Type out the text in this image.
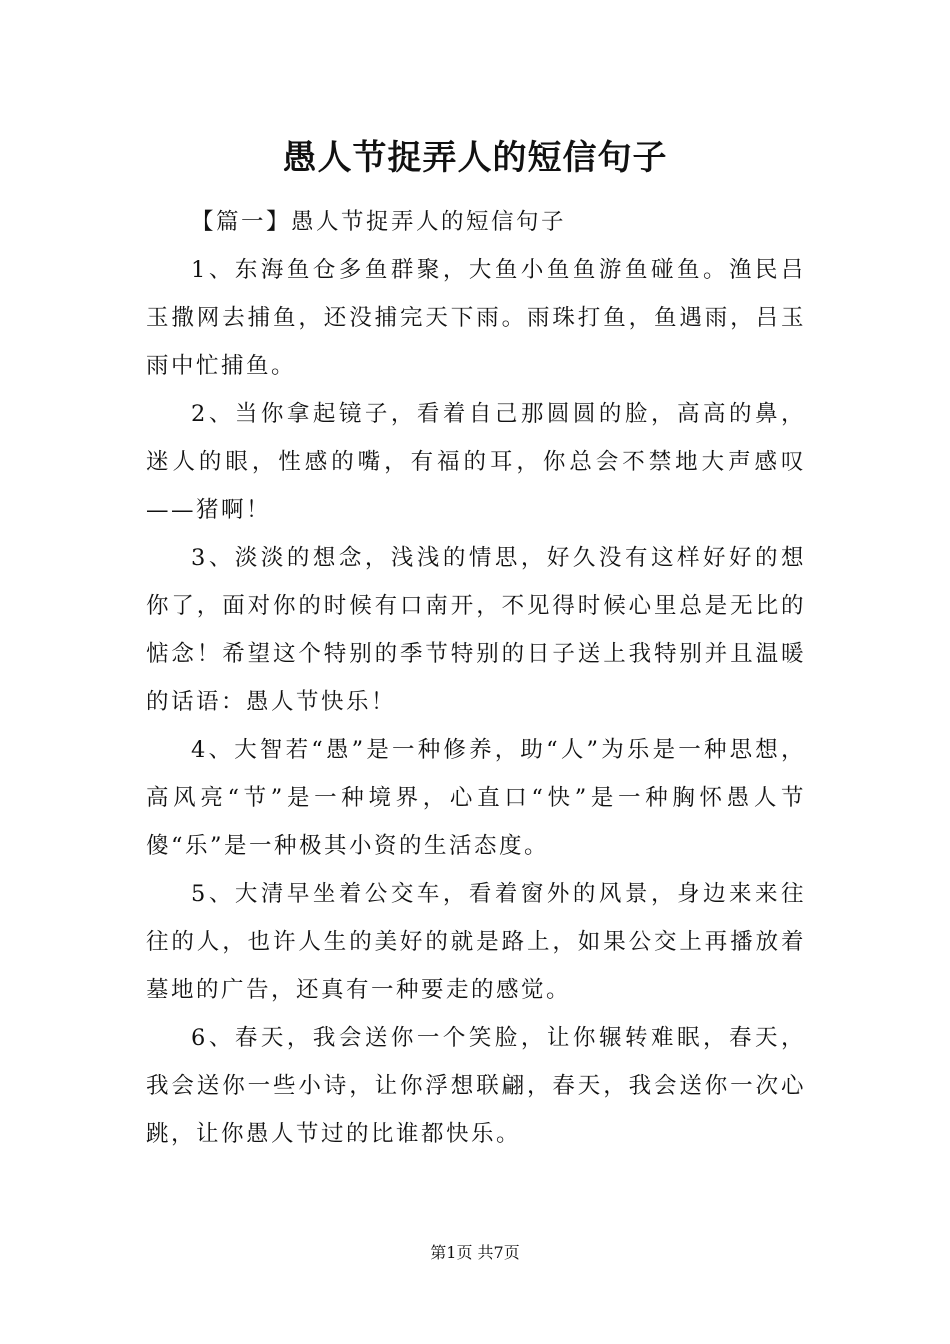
愚人节捉弄人的短信句子

【篇一】愚人节捉弄人的短信句子

1、东海鱼仓多鱼群聚，大鱼小鱼鱼游鱼碰鱼。渔民吕玉撒网去捕鱼，还没捕完天下雨。雨珠打鱼，鱼遇雨，吕玉雨中忙捕鱼。

2、当你拿起镜子，看着自己那圆圆的脸，高高的鼻，迷人的眼，性感的嘴，有福的耳，你总会不禁地大声感叹——猪啊！

3、淡淡的想念，浅浅的情思，好久没有这样好好的想你了，面对你的时候有口南开，不见得时候心里总是无比的惦念！希望这个特别的季节特别的日子送上我特别并且温暖的话语：愚人节快乐！

4、大智若“愚”是一种修养，助“人”为乐是一种思想，高风亮“节”是一种境界，心直口“快”是一种胸怀愚人节傻“乐”是一种极其小资的生活态度。

5、大清早坐着公交车，看着窗外的风景，身边来来往往的人，也许人生的美好的就是路上，如果公交上再播放着墓地的广告，还真有一种要走的感觉。

6、春天，我会送你一个笑脸，让你辗转难眠，春天，我会送你一些小诗，让你浮想联翩，春天，我会送你一次心跳，让你愚人节过的比谁都快乐。

第1页 共7页
